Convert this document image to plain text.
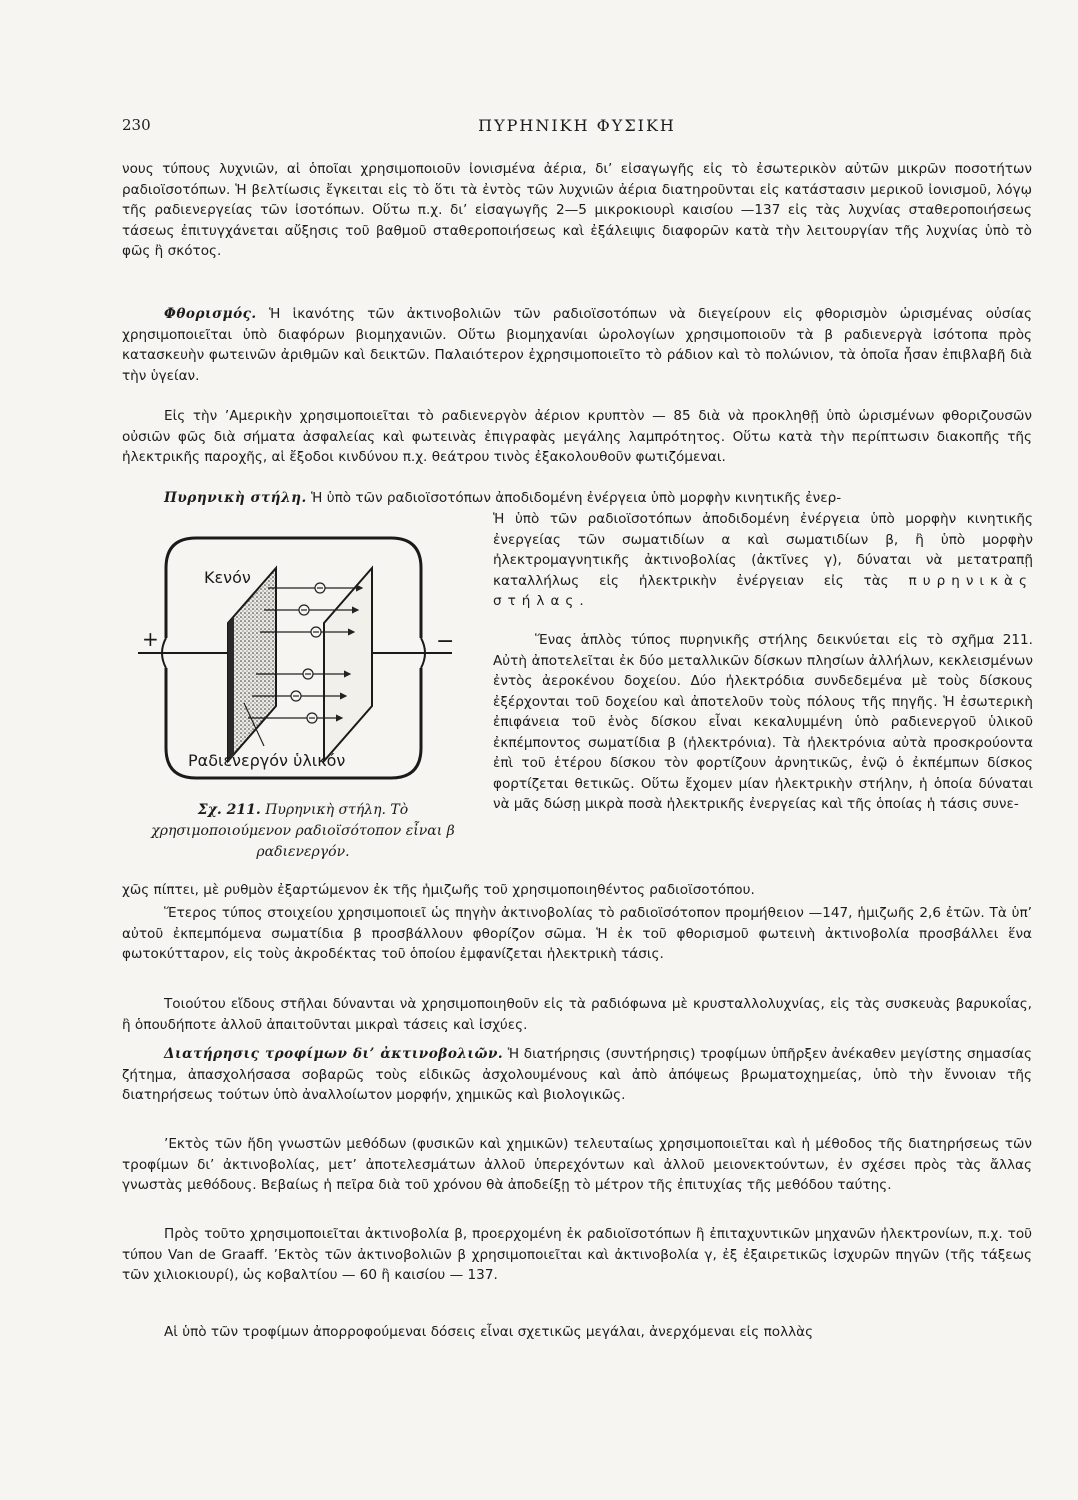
230	ΠΥΡΗΝΙΚΗ ΦΥΣΙΚΗ

νους τύπους λυχνιῶν, αἱ ὁποῖαι χρησιμοποιοῦν ἰονισμένα ἀέρια, δι’ εἰσαγωγῆς εἰς τὸ ἐσωτερικὸν αὐτῶν μικρῶν ποσοτήτων ραδιοϊσοτόπων. Ἡ βελτίωσις ἔγκειται εἰς τὸ ὅτι τὰ ἐντὸς τῶν λυχνιῶν ἀέρια διατηροῦνται εἰς κατάστασιν μερικοῦ ἰονισμοῦ, λόγῳ τῆς ραδιενεργείας τῶν ἰσοτόπων. Οὕτω π.χ. δι’ εἰσαγωγῆς 2—5 μικροκιουρὶ καισίου —137 εἰς τὰς λυχνίας σταθεροποιήσεως τάσεως ἐπιτυγχάνεται αὔξησις τοῦ βαθμοῦ σταθεροποιήσεως καὶ ἐξάλειψις διαφορῶν κατὰ τὴν λειτουργίαν τῆς λυχνίας ὑπὸ τὸ φῶς ἢ σκότος.

Φθορισμός. Ἡ ἱκανότης τῶν ἀκτινοβολιῶν τῶν ραδιοϊσοτόπων νὰ διεγείρουν εἰς φθορισμὸν ὡρισμένας οὐσίας χρησιμοποιεῖται ὑπὸ διαφόρων βιομηχανιῶν. Οὕτω βιομηχανίαι ὡρολογίων χρησιμοποιοῦν τὰ β ραδιενεργὰ ἰσότοπα πρὸς κατασκευὴν φωτεινῶν ἀριθμῶν καὶ δεικτῶν. Παλαιότερον ἐχρησιμοποιεῖτο τὸ ράδιον καὶ τὸ πολώνιον, τὰ ὁποῖα ἦσαν ἐπιβλαβῆ διὰ τὴν ὑγείαν.

Εἰς τὴν ’Αμερικὴν χρησιμοποιεῖται τὸ ραδιενεργὸν ἀέριον κρυπτὸν — 85 διὰ νὰ προκληθῇ ὑπὸ ὡρισμένων φθοριζουσῶν οὐσιῶν φῶς διὰ σήματα ἀσφαλείας καὶ φωτεινὰς ἐπιγραφὰς μεγάλης λαμπρότητος. Οὕτω κατὰ τὴν περίπτωσιν διακοπῆς τῆς ἠλεκτρικῆς παροχῆς, αἱ ἔξοδοι κινδύνου π.χ. θεάτρου τινὸς ἐξακολουθοῦν φωτιζόμεναι.

Πυρηνικὴ στήλη. Ἡ ὑπὸ τῶν ραδιοϊσοτόπων ἀποδιδομένη ἐνέργεια ὑπὸ μορφὴν κινητικῆς ἐνερ-

Ἡ ὑπὸ τῶν ραδιοϊσοτόπων ἀποδιδομένη ἐνέργεια ὑπὸ μορφὴν κινητικῆς ἐνεργείας τῶν σωματιδίων α καὶ σωματιδίων β, ἢ ὑπὸ μορφὴν ἠλεκτρομαγνητικῆς ἀκτινοβολίας (ἀκτῖνες γ), δύναται νὰ μετατραπῇ καταλλήλως εἰς ἠλεκτρικὴν ἐνέργειαν εἰς τὰς πυρηνικὰς στήλας.

Ἕνας ἁπλὸς τύπος πυρηνικῆς στήλης δεικνύεται εἰς τὸ σχῆμα 211. Αὐτὴ ἀποτελεῖται ἐκ δύο μεταλλικῶν δίσκων πλησίων ἀλλήλων, κεκλεισμένων ἐντὸς ἀεροκένου δοχείου. Δύο ἠλεκτρόδια συνδεδεμένα μὲ τοὺς δίσκους ἐξέρχονται τοῦ δοχείου καὶ ἀποτελοῦν τοὺς πόλους τῆς πηγῆς. Ἡ ἐσωτερικὴ ἐπιφάνεια τοῦ ἑνὸς δίσκου εἶναι κεκαλυμμένη ὑπὸ ραδιενεργοῦ ὑλικοῦ ἐκπέμποντος σωματίδια β (ἠλεκτρόνια). Τὰ ἠλεκτρόνια αὐτὰ προσκρούοντα ἐπὶ τοῦ ἑτέρου δίσκου τὸν φορτίζουν ἀρνητικῶς, ἐνῷ ὁ ἐκπέμπων δίσκος φορτίζεται θετικῶς. Οὕτω ἔχομεν μίαν ἠλεκτρικὴν στήλην, ἡ ὁποία δύναται νὰ μᾶς δώσῃ μικρὰ ποσὰ ἠλεκτρικῆς ἐνεργείας καὶ τῆς ὁποίας ἡ τάσις συνε-

χῶς πίπτει, μὲ ρυθμὸν ἐξαρτώμενον ἐκ τῆς ἡμιζωῆς τοῦ χρησιμοποιηθέντος ραδιοϊσοτόπου.

Ἕτερος τύπος στοιχείου χρησιμοποιεῖ ὡς πηγὴν ἀκτινοβολίας τὸ ραδιοϊσότοπον προμήθειον —147, ἡμιζωῆς 2,6 ἐτῶν. Τὰ ὑπ’ αὐτοῦ ἐκπεμπόμενα σωματίδια β προσβάλλουν φθορίζον σῶμα. Ἡ ἐκ τοῦ φθορισμοῦ φωτεινὴ ἀκτινοβολία προσβάλλει ἕνα φωτοκύτταρον, εἰς τοὺς ἀκροδέκτας τοῦ ὁποίου ἐμφανίζεται ἠλεκτρικὴ τάσις.

Τοιούτου εἴδους στῆλαι δύνανται νὰ χρησιμοποιηθοῦν εἰς τὰ ραδιόφωνα μὲ κρυσταλλολυχνίας, εἰς τὰς συσκευὰς βαρυκοΐας, ἢ ὁπουδήποτε ἀλλοῦ ἀπαιτοῦνται μικραὶ τάσεις καὶ ἰσχύες.

Διατήρησις τροφίμων δι’ ἀκτινοβολιῶν. Ἡ διατήρησις (συντήρησις) τροφίμων ὑπῆρξεν ἀνέκαθεν μεγίστης σημασίας ζήτημα, ἀπασχολήσασα σοβαρῶς τοὺς εἰδικῶς ἀσχολουμένους καὶ ἀπὸ ἀπόψεως βρωματοχημείας, ὑπὸ τὴν ἔννοιαν τῆς διατηρήσεως τούτων ὑπὸ ἀναλλοίωτον μορφήν, χημικῶς καὶ βιολογικῶς.

’Εκτὸς τῶν ἤδη γνωστῶν μεθόδων (φυσικῶν καὶ χημικῶν) τελευταίως χρησιμοποιεῖται καὶ ἡ μέθοδος τῆς διατηρήσεως τῶν τροφίμων δι’ ἀκτινοβολίας, μετ’ ἀποτελεσμάτων ἀλλοῦ ὑπερεχόντων καὶ ἀλλοῦ μειονεκτούντων, ἐν σχέσει πρὸς τὰς ἄλλας γνωστὰς μεθόδους. Βεβαίως ἡ πεῖρα διὰ τοῦ χρόνου θὰ ἀποδείξῃ τὸ μέτρον τῆς ἐπιτυχίας τῆς μεθόδου ταύτης.

Πρὸς τοῦτο χρησιμοποιεῖται ἀκτινοβολία β, προερχομένη ἐκ ραδιοϊσοτόπων ἢ ἐπιταχυντικῶν μηχανῶν ἠλεκτρονίων, π.χ. τοῦ τύπου Van de Graaff. ’Εκτὸς τῶν ἀκτινοβολιῶν β χρησιμοποιεῖται καὶ ἀκτινοβολία γ, ἐξ ἐξαιρετικῶς ἰσχυρῶν πηγῶν (τῆς τάξεως τῶν χιλιοκιουρί), ὡς κοβαλτίου — 60 ἢ καισίου — 137.

Αἱ ὑπὸ τῶν τροφίμων ἀπορροφούμεναι δόσεις εἶναι σχετικῶς μεγάλαι, ἀνερχόμεναι εἰς πολλὰς

Κενόν
Ραδιενεργόν ὑλικόν
+	−
Σχ. 211. Πυρηνικὴ στήλη. Τὸ χρησιμοποιούμενον ραδιοϊσότοπον εἶναι β ραδιενεργόν.
